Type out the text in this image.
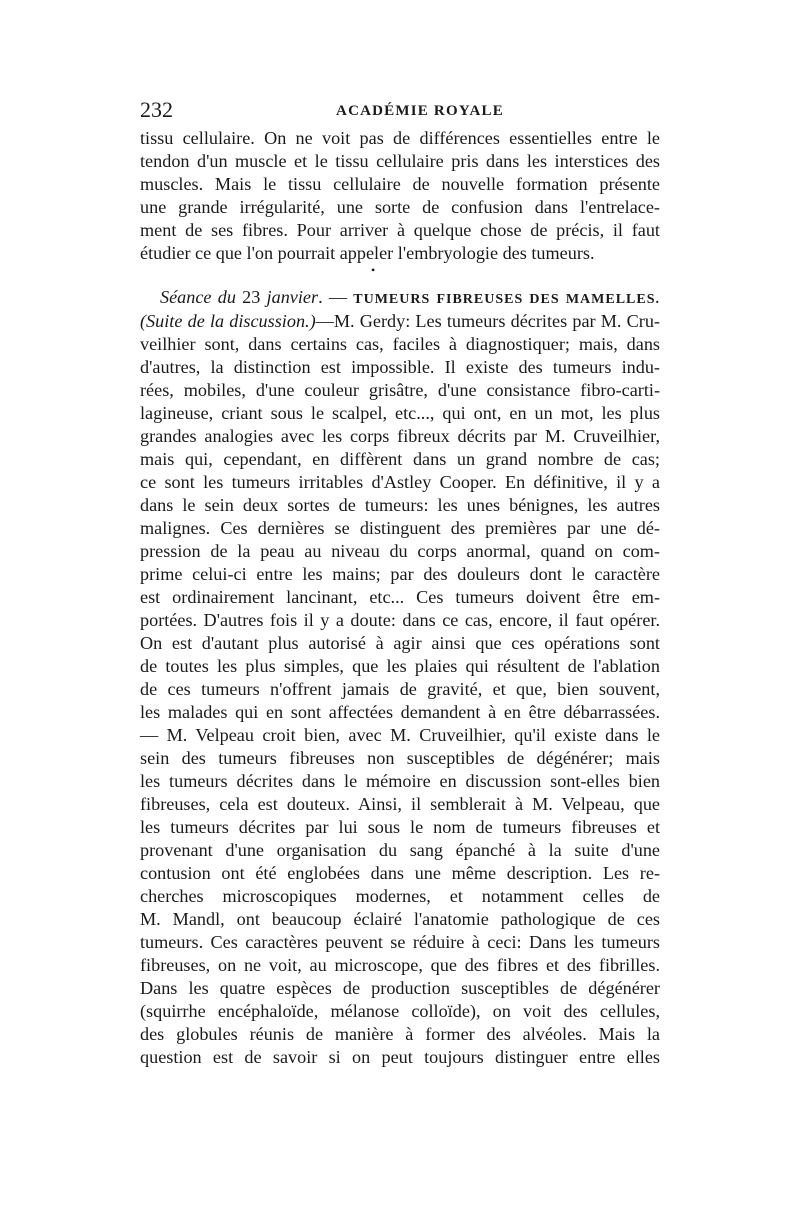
232	ACADÉMIE ROYALE
tissu cellulaire. On ne voit pas de différences essentielles entre le
tendon d'un muscle et le tissu cellulaire pris dans les interstices des
muscles. Mais le tissu cellulaire de nouvelle formation présente
une grande irrégularité, une sorte de confusion dans l'entrelace-
ment de ses fibres. Pour arriver à quelque chose de précis, il faut
étudier ce que l'on pourrait appeler l'embryologie des tumeurs.
•
Séance du 23 janvier. — TUMEURS FIBREUSES DES MAMELLES.
(Suite de la discussion.)—M. Gerdy: Les tumeurs décrites par M. Cru-
veilhier sont, dans certains cas, faciles à diagnostiquer; mais, dans
d'autres, la distinction est impossible. Il existe des tumeurs indu-
rées, mobiles, d'une couleur grisâtre, d'une consistance fibro-carti-
lagineuse, criant sous le scalpel, etc..., qui ont, en un mot, les plus
grandes analogies avec les corps fibreux décrits par M. Cruveilhier,
mais qui, cependant, en diffèrent dans un grand nombre de cas;
ce sont les tumeurs irritables d'Astley Cooper. En définitive, il y a
dans le sein deux sortes de tumeurs: les unes bénignes, les autres
malignes. Ces dernières se distinguent des premières par une dé-
pression de la peau au niveau du corps anormal, quand on com-
prime celui-ci entre les mains; par des douleurs dont le caractère
est ordinairement lancinant, etc... Ces tumeurs doivent être em-
portées. D'autres fois il y a doute: dans ce cas, encore, il faut opérer.
On est d'autant plus autorisé à agir ainsi que ces opérations sont
de toutes les plus simples, que les plaies qui résultent de l'ablation
de ces tumeurs n'offrent jamais de gravité, et que, bien souvent,
les malades qui en sont affectées demandent à en être débarrassées.
— M. Velpeau croit bien, avec M. Cruveilhier, qu'il existe dans le
sein des tumeurs fibreuses non susceptibles de dégénérer; mais
les tumeurs décrites dans le mémoire en discussion sont-elles bien
fibreuses, cela est douteux. Ainsi, il semblerait à M. Velpeau, que
les tumeurs décrites par lui sous le nom de tumeurs fibreuses et
provenant d'une organisation du sang épanché à la suite d'une
contusion ont été englobées dans une même description. Les re-
cherches microscopiques modernes, et notamment celles de
M. Mandl, ont beaucoup éclairé l'anatomie pathologique de ces
tumeurs. Ces caractères peuvent se réduire à ceci: Dans les tumeurs
fibreuses, on ne voit, au microscope, que des fibres et des fibrilles.
Dans les quatre espèces de production susceptibles de dégénérer
(squirrhe encéphaloïde, mélanose colloïde), on voit des cellules,
des globules réunis de manière à former des alvéoles. Mais la
question est de savoir si on peut toujours distinguer entre elles
